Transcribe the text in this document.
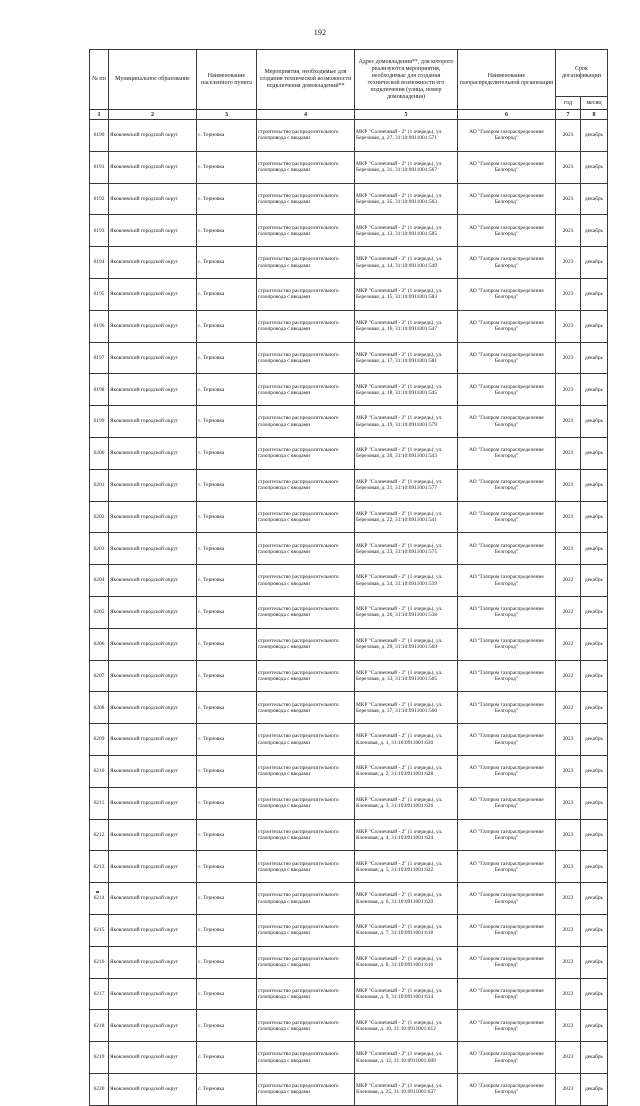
192
№ пп	Муниципальное образование	Наименование населенного пункта	Мероприятия, необходимые для создания технической возможности подключения домовладений**	Адрес домовладения**, для которого реализуются мероприятия, необходимые для создания технической возможности его подключения (улица, номер домовладения)	Наименование газораспределительной организации	Срок догазификации	
						год	месяц
1	2	3	4	5	6	7	8
6190	Яковлевский городской округ	с. Терновка	строительство распределительного газопровода с вводами	МКР "Солнечный - 2" (1 очередь), ул. Березовая, д. 27, 31:10:0911001:571	АО "Газпром газораспределение Белгород"	2023	декабрь
6191	Яковлевский городской округ	с. Терновка	строительство распределительного газопровода с вводами	МКР "Солнечный - 2" (1 очередь), ул. Березовая, д. 31, 31:10:0911001:567	АО "Газпром газораспределение Белгород"	2023	декабрь
6192	Яковлевский городской округ	с. Терновка	строительство распределительного газопровода с вводами	МКР "Солнечный - 2" (1 очередь), ул. Березовая, д. 35, 31:10:0911001:563	АО "Газпром газораспределение Белгород"	2023	декабрь
6193	Яковлевский городской округ	с. Терновка	строительство распределительного газопровода с вводами	МКР "Солнечный - 2" (1 очередь), ул. Березовая, д. 13, 31:10:0911001:585	АО "Газпром газораспределение Белгород"	2023	декабрь
6194	Яковлевский городской округ	с. Терновка	строительство распределительного газопровода с вводами	МКР "Солнечный - 2" (1 очередь), ул. Березовая, д. 14, 31:10:0911001:549	АО "Газпром газораспределение Белгород"	2023	декабрь
6195	Яковлевский городской округ	с. Терновка	строительство распределительного газопровода с вводами	МКР "Солнечный - 2" (1 очередь), ул. Березовая, д. 15, 31:10:0911001:583	АО "Газпром газораспределение Белгород"	2023	декабрь
6196	Яковлевский городской округ	с. Терновка	строительство распределительного газопровода с вводами	МКР "Солнечный - 2" (1 очередь), ул. Березовая, д. 16, 31:10:0911001:547	АО "Газпром газораспределение Белгород"	2023	декабрь
6197	Яковлевский городской округ	с. Терновка	строительство распределительного газопровода с вводами	МКР "Солнечный - 2" (1 очередь), ул. Березовая, д. 17, 31:10:0911001:581	АО "Газпром газораспределение Белгород"	2023	декабрь
6198	Яковлевский городской округ	с. Терновка	строительство распределительного газопровода с вводами	МКР "Солнечный - 2" (1 очередь), ул. Березовая, д. 18, 31:10:0911001:545	АО "Газпром газораспределение Белгород"	2023	декабрь
6199	Яковлевский городской округ	с. Терновка	строительство распределительного газопровода с вводами	МКР "Солнечный - 2" (1 очередь), ул. Березовая, д. 19, 31:10:0911001:579	АО "Газпром газораспределение Белгород"	2023	декабрь
6200	Яковлевский городской округ	с. Терновка	строительство распределительного газопровода с вводами	МКР "Солнечный - 2" (1 очередь), ул. Березовая, д. 20, 31:10:0911001:543	АО "Газпром газораспределение Белгород"	2023	декабрь
6201	Яковлевский городской округ	с. Терновка	строительство распределительного газопровода с вводами	МКР "Солнечный - 2" (1 очередь), ул. Березовая, д. 21, 31:10:0911001:577	АО "Газпром газораспределение Белгород"	2023	декабрь
6202	Яковлевский городской округ	с. Терновка	строительство распределительного газопровода с вводами	МКР "Солнечный - 2" (1 очередь), ул. Березовая, д. 22, 31:10:0911001:541	АО "Газпром газораспределение Белгород"	2023	декабрь
6203	Яковлевский городской округ	с. Терновка	строительство распределительного газопровода с вводами	МКР "Солнечный - 2" (1 очередь), ул. Березовая, д. 23, 31:10:0911001:575	АО "Газпром газораспределение Белгород"	2023	декабрь
6204	Яковлевский городской округ	с. Терновка	строительство распределительного газопровода с вводами	МКР "Солнечный - 2" (1 очередь), ул. Березовая, д. 24, 31:10:0911001:539	АО "Газпром газораспределение Белгород"	2023	декабрь
6205	Яковлевский городской округ	с. Терновка	строительство распределительного газопровода с вводами	МКР "Солнечный - 2" (1 очередь), ул. Березовая, д. 26, 31:10:0911001:538	АО "Газпром газораспределение Белгород"	2023	декабрь
6206	Яковлевский городской округ	с. Терновка	строительство распределительного газопровода с вводами	МКР "Солнечный - 2" (1 очередь), ул. Березовая, д. 29, 31:10:0911001:569	АО "Газпром газораспределение Белгород"	2023	декабрь
6207	Яковлевский городской округ	с. Терновка	строительство распределительного газопровода с вводами	МКР "Солнечный - 2" (1 очередь), ул. Березовая, д. 33, 31:10:0911001:565	АО "Газпром газораспределение Белгород"	2023	декабрь
6208	Яковлевский городской округ	с. Терновка	строительство распределительного газопровода с вводами	МКР "Солнечный - 2" (1 очередь), ул. Березовая, д. 37, 31:10:0911001:560	АО "Газпром газораспределение Белгород"	2023	декабрь
6209	Яковлевский городской округ	с. Терновка	строительство распределительного газопровода с вводами	МКР "Солнечный - 2" (1 очередь), ул. Кленовая, д. 1, 31:10:0911001:630	АО "Газпром газораспределение Белгород"	2023	декабрь
6210	Яковлевский городской округ	с. Терновка	строительство распределительного газопровода с вводами	МКР "Солнечный - 2" (1 очередь), ул. Кленовая, д. 2, 31:10:0911001:628	АО "Газпром газораспределение Белгород"	2023	декабрь
6211	Яковлевский городской округ	с. Терновка	строительство распределительного газопровода с вводами	МКР "Солнечный - 2" (1 очередь), ул. Кленовая, д. 3, 31:10:0911001:626	АО "Газпром газораспределение Белгород"	2023	декабрь
6212	Яковлевский городской округ	с. Терновка	строительство распределительного газопровода с вводами	МКР "Солнечный - 2" (1 очередь), ул. Кленовая, д. 4, 31:10:0911001:624	АО "Газпром газораспределение Белгород"	2023	декабрь
6213	Яковлевский городской округ	с. Терновка	строительство распределительного газопровода с вводами	МКР "Солнечный - 2" (1 очередь), ул. Кленовая, д. 5, 31:10:0911001:622	АО "Газпром газораспределение Белгород"	2023	декабрь
6214	Яковлевский городской округ	с. Терновка	строительство распределительного газопровода с вводами	МКР "Солнечный - 2" (1 очередь), ул. Кленовая, д. 6, 31:10:0911001:620	АО "Газпром газораспределение Белгород"	2023	декабрь
6215	Яковлевский городской округ	с. Терновка	строительство распределительного газопровода с вводами	МКР "Солнечный - 2" (1 очередь), ул. Кленовая, д. 7, 31:10:0911001:618	АО "Газпром газораспределение Белгород"	2023	декабрь
6216	Яковлевский городской округ	с. Терновка	строительство распределительного газопровода с вводами	МКР "Солнечный - 2" (1 очередь), ул. Кленовая, д. 8, 31:10:0911001:616	АО "Газпром газораспределение Белгород"	2023	декабрь
6217	Яковлевский городской округ	с. Терновка	строительство распределительного газопровода с вводами	МКР "Солнечный - 2" (1 очередь), ул. Кленовая, д. 9, 31:10:0911001:614	АО "Газпром газораспределение Белгород"	2023	декабрь
6218	Яковлевский городской округ	с. Терновка	строительство распределительного газопровода с вводами	МКР "Солнечный - 2" (1 очередь), ул. Кленовая, д. 10, 31:10:0911001:612	АО "Газпром газораспределение Белгород"	2023	декабрь
6219	Яковлевский городской округ	с. Терновка	строительство распределительного газопровода с вводами	МКР "Солнечный - 2" (1 очередь), ул. Кленовая, д. 12, 31:10:0911001:609	АО "Газпром газораспределение Белгород"	2023	декабрь
6220	Яковлевский городской округ	с. Терновка	строительство распределительного газопровода с вводами	МКР "Солнечный - 2" (1 очередь), ул. Кленовая, д. 25, 31:10:0911001:637	АО "Газпром газораспределение Белгород"	2023	декабрь
